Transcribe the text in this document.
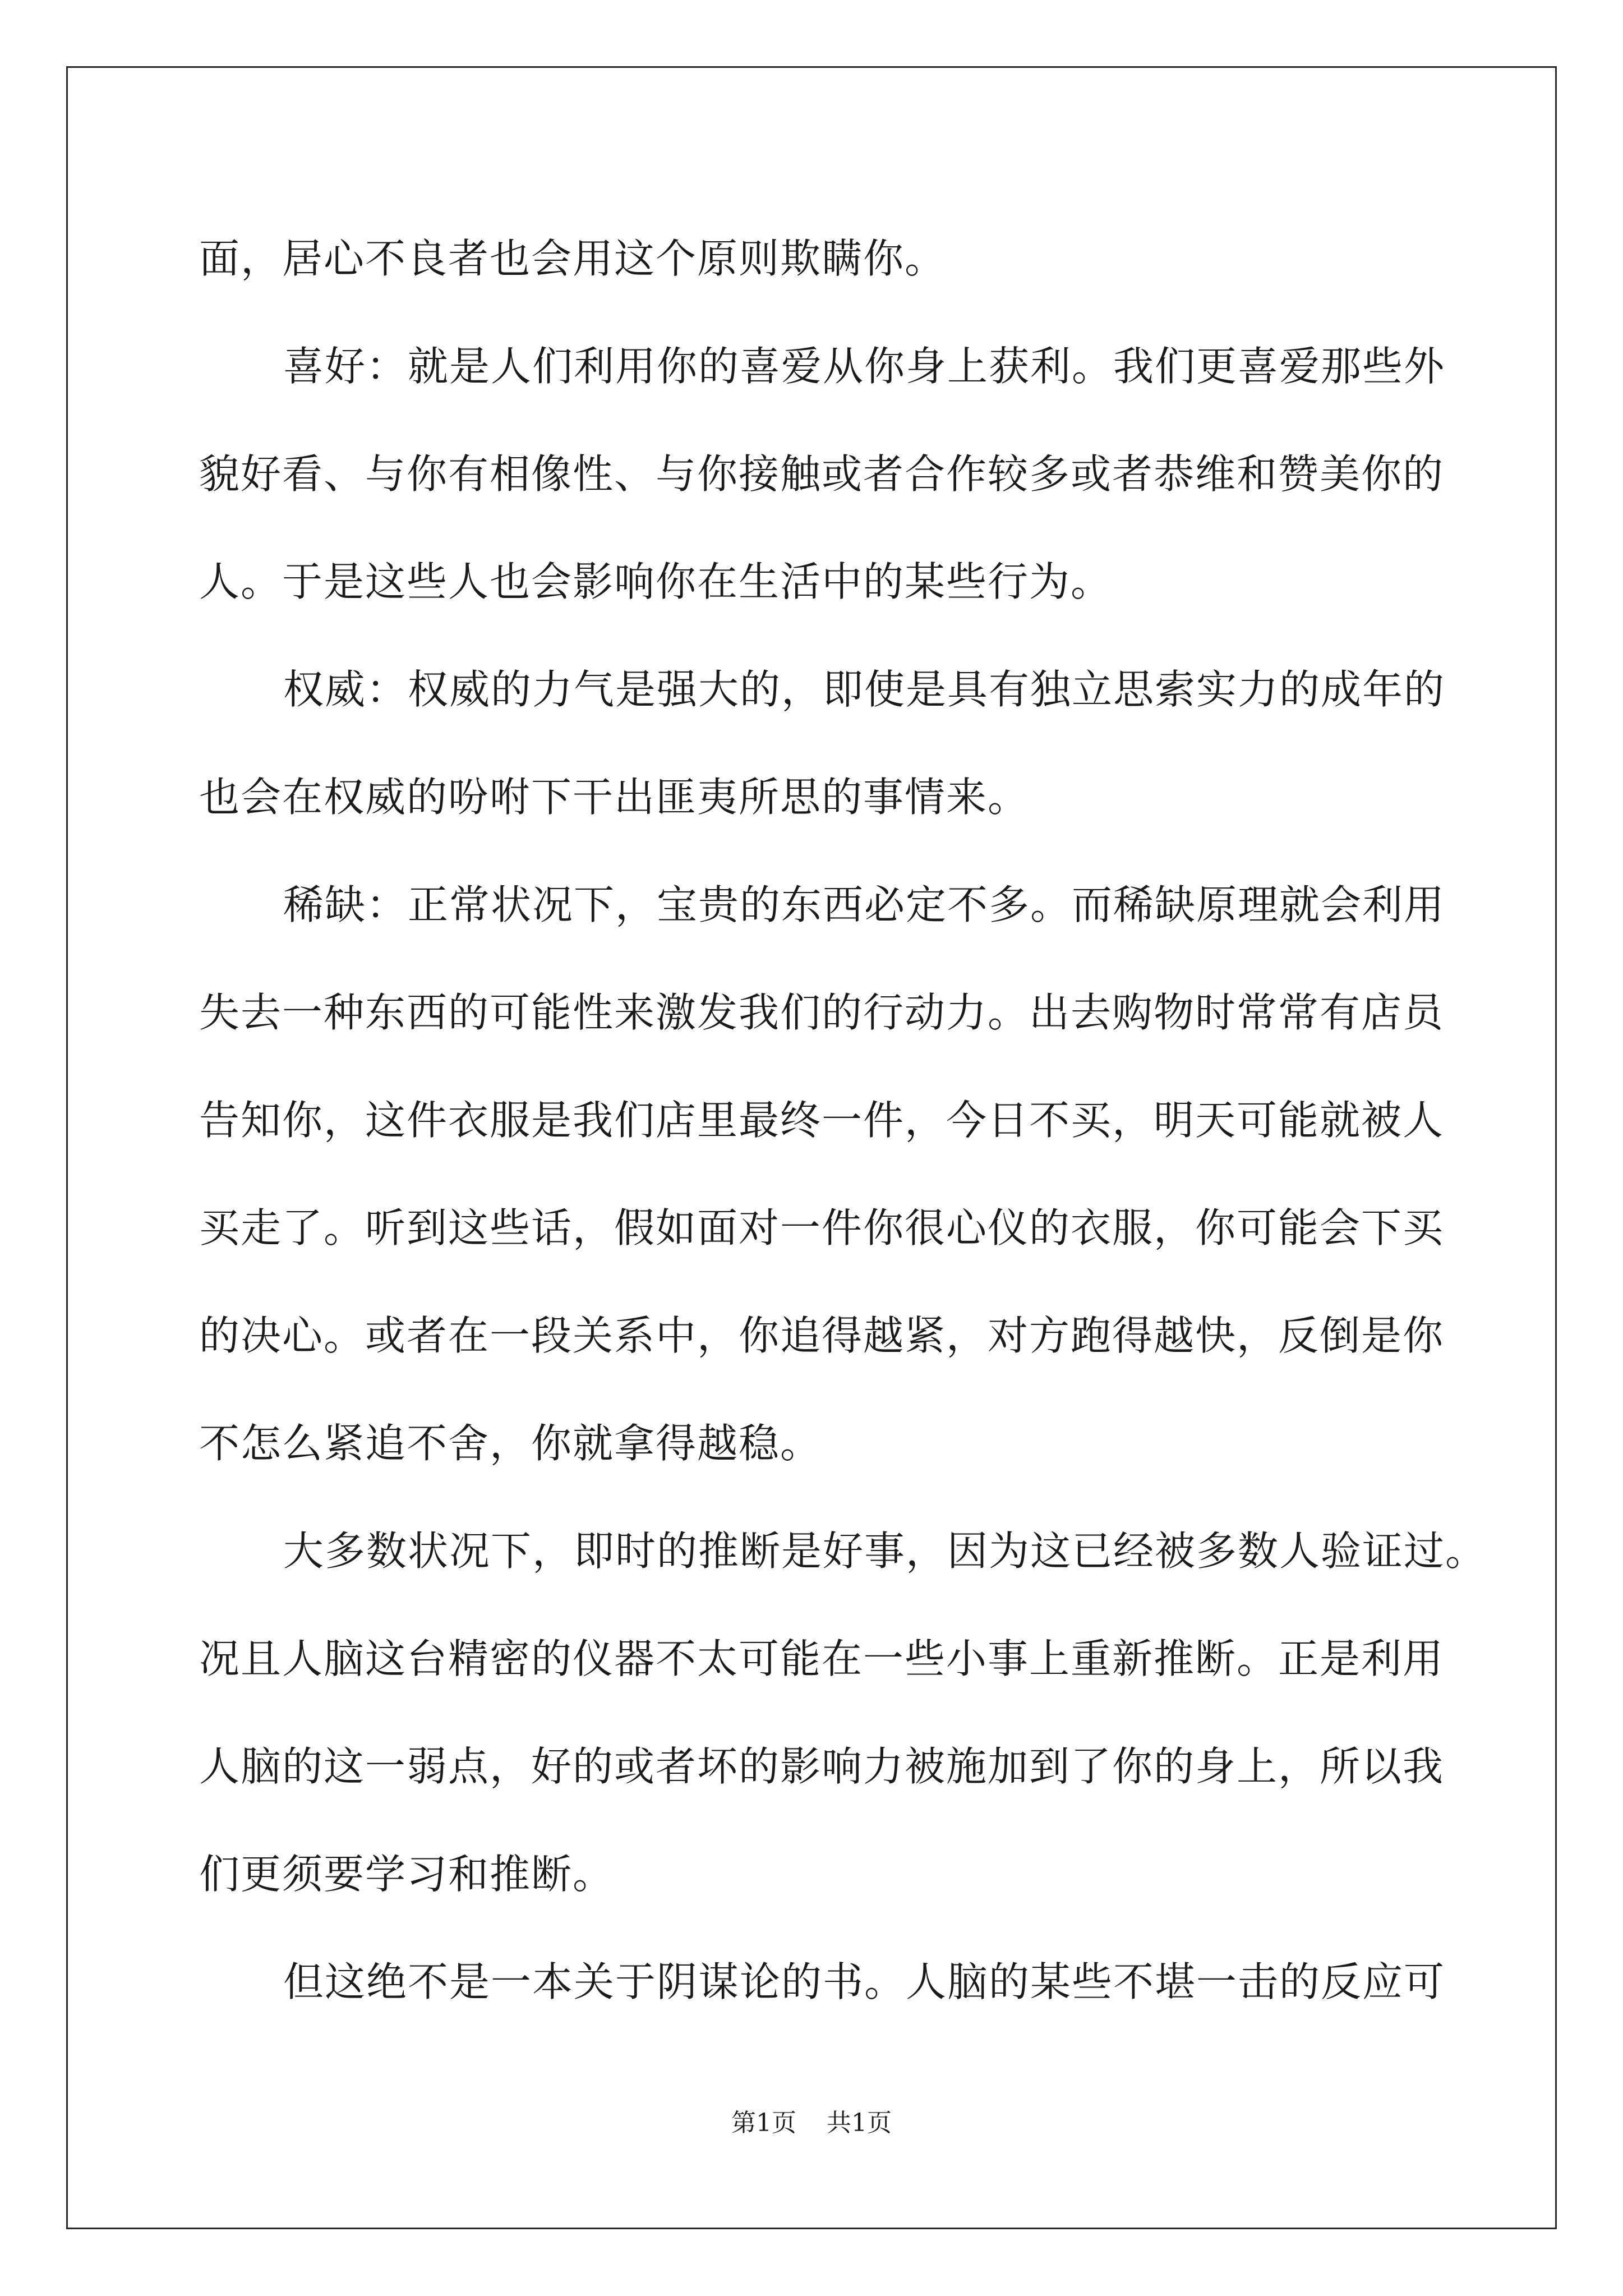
面，居心不良者也会用这个原则欺瞒你。
喜好：就是人们利用你的喜爱从你身上获利。我们更喜爱那些外
貌好看、与你有相像性、与你接触或者合作较多或者恭维和赞美你的
人。于是这些人也会影响你在生活中的某些行为。
权威：权威的力气是强大的，即使是具有独立思索实力的成年的
也会在权威的吩咐下干出匪夷所思的事情来。
稀缺：正常状况下，宝贵的东西必定不多。而稀缺原理就会利用
失去一种东西的可能性来激发我们的行动力。出去购物时常常有店员
告知你，这件衣服是我们店里最终一件，今日不买，明天可能就被人
买走了。听到这些话，假如面对一件你很心仪的衣服，你可能会下买
的决心。或者在一段关系中，你追得越紧，对方跑得越快，反倒是你
不怎么紧追不舍，你就拿得越稳。
大多数状况下，即时的推断是好事，因为这已经被多数人验证过。
况且人脑这台精密的仪器不太可能在一些小事上重新推断。正是利用
人脑的这一弱点，好的或者坏的影响力被施加到了你的身上，所以我
们更须要学习和推断。
但这绝不是一本关于阴谋论的书。人脑的某些不堪一击的反应可
第1页 共1页
